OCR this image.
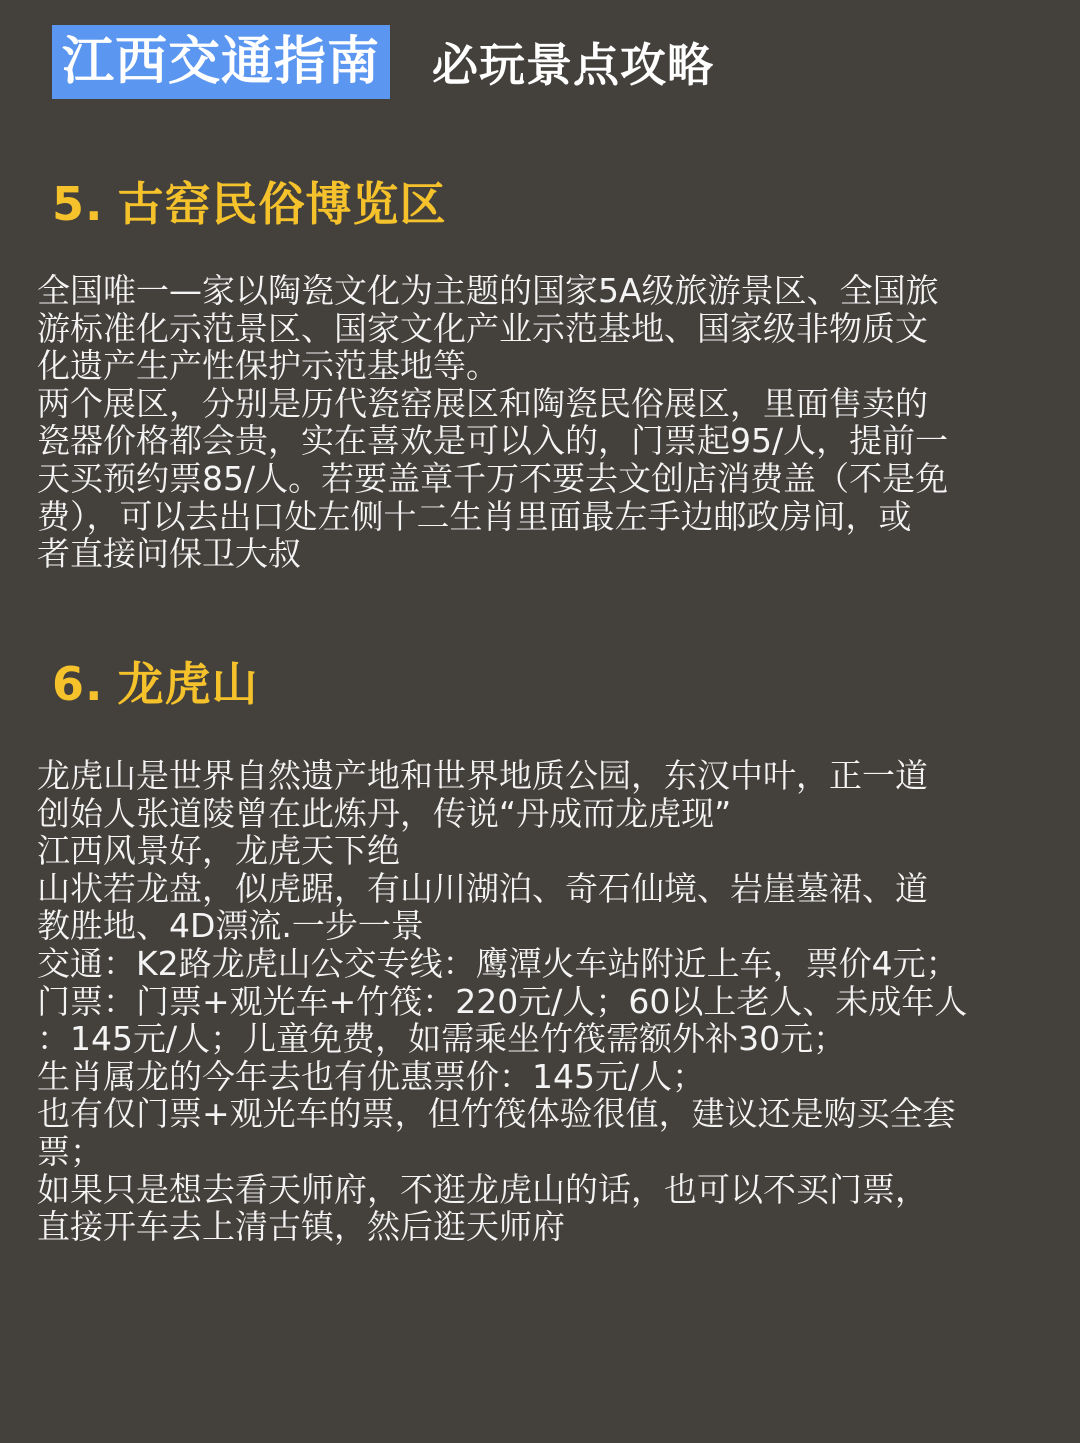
江西交通指南 必玩景点攻略
5. 古窑民俗博览区
全国唯一—家以陶瓷文化为主题的国家5A级旅游景区、全国旅
游标准化示范景区、国家文化产业示范基地、国家级非物质文
化遗产生产性保护示范基地等。
两个展区，分别是历代瓷窑展区和陶瓷民俗展区，里面售卖的
瓷器价格都会贵，实在喜欢是可以入的，门票起95/人，提前一
天买预约票85/人。若要盖章千万不要去文创店消费盖（不是免
费），可以去出口处左侧十二生肖里面最左手边邮政房间，或
者直接问保卫大叔
6. 龙虎山
龙虎山是世界自然遗产地和世界地质公园，东汉中叶，正一道
创始人张道陵曾在此炼丹，传说“丹成而龙虎现”
江西风景好，龙虎天下绝
山状若龙盘，似虎踞，有山川湖泊、奇石仙境、岩崖墓裙、道
教胜地、4D漂流.一步一景
交通：K2路龙虎山公交专线：鹰潭火车站附近上车，票价4元；
门票：门票+观光车+竹筏：220元/人；60以上老人、未成年人
：145元/人；儿童免费，如需乘坐竹筏需额外补30元；
生肖属龙的今年去也有优惠票价：145元/人；
也有仅门票+观光车的票，但竹筏体验很值，建议还是购买全套
票；
如果只是想去看天师府，不逛龙虎山的话，也可以不买门票，
直接开车去上清古镇，然后逛天师府
